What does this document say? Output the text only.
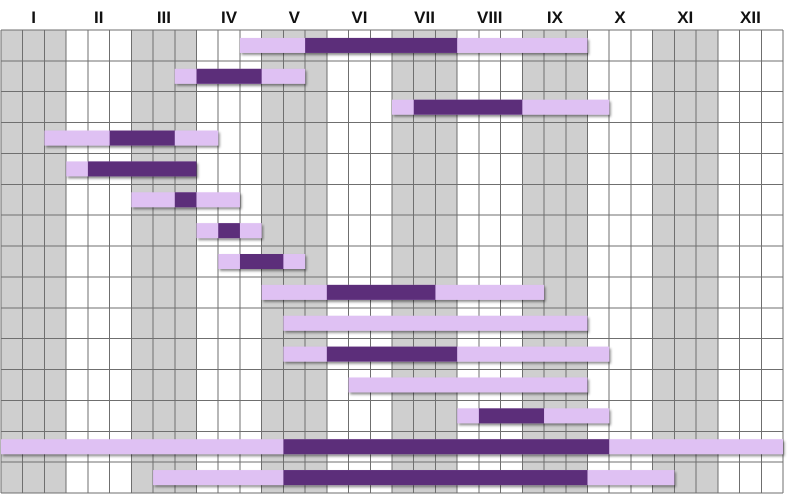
I	II	III	IV	V	VI	VII VIII	IX	X	XI	XII
